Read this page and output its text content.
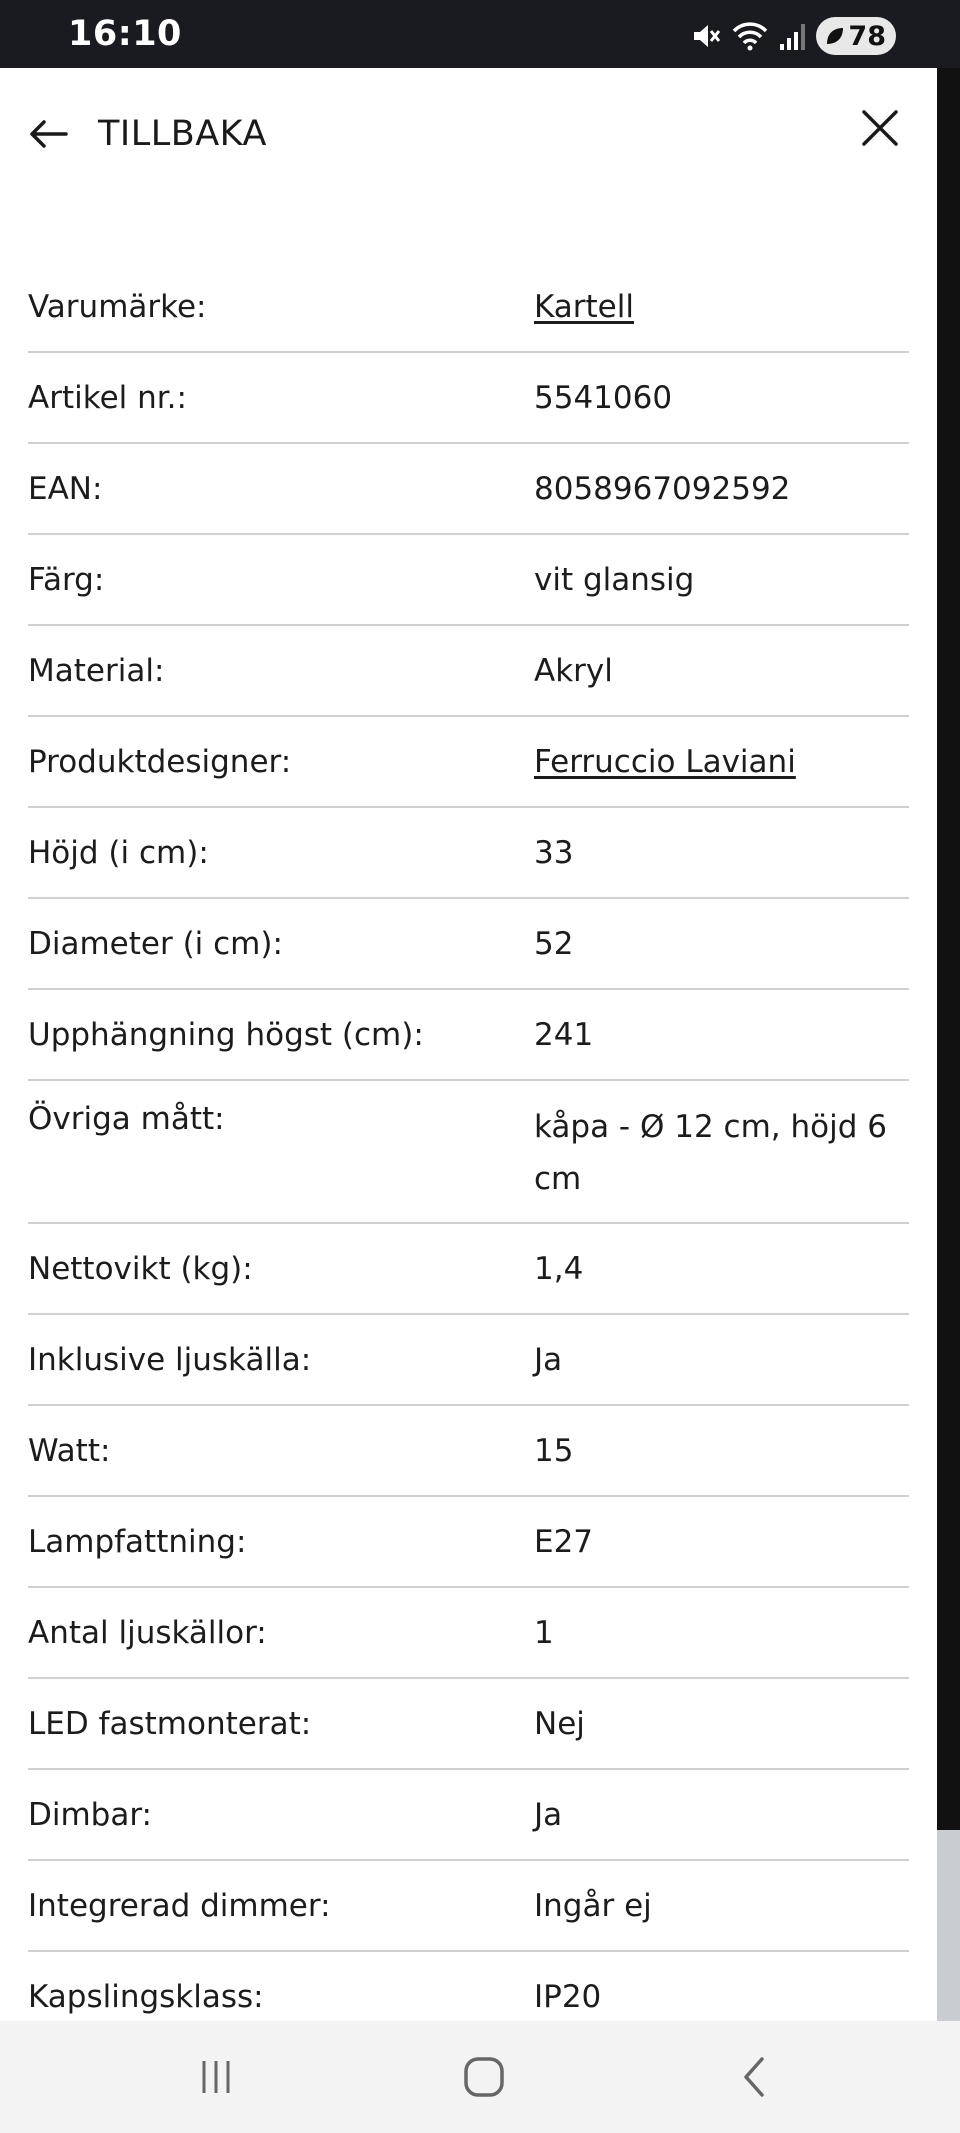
16:10	78
TILLBAKA
Varumärke:	Kartell
Artikel nr.:	5541060
EAN:	8058967092592
Färg:	vit glansig
Material:	Akryl
Produktdesigner:	Ferruccio Laviani
Höjd (i cm):	33
Diameter (i cm):	52
Upphängning högst (cm):	241
Övriga mått:	kåpa - Ø 12 cm, höjd 6 cm
Nettovikt (kg):	1,4
Inklusive ljuskälla:	Ja
Watt:	15
Lampfattning:	E27
Antal ljuskällor:	1
LED fastmonterat:	Nej
Dimbar:	Ja
Integrerad dimmer:	Ingår ej
Kapslingsklass:	IP20
